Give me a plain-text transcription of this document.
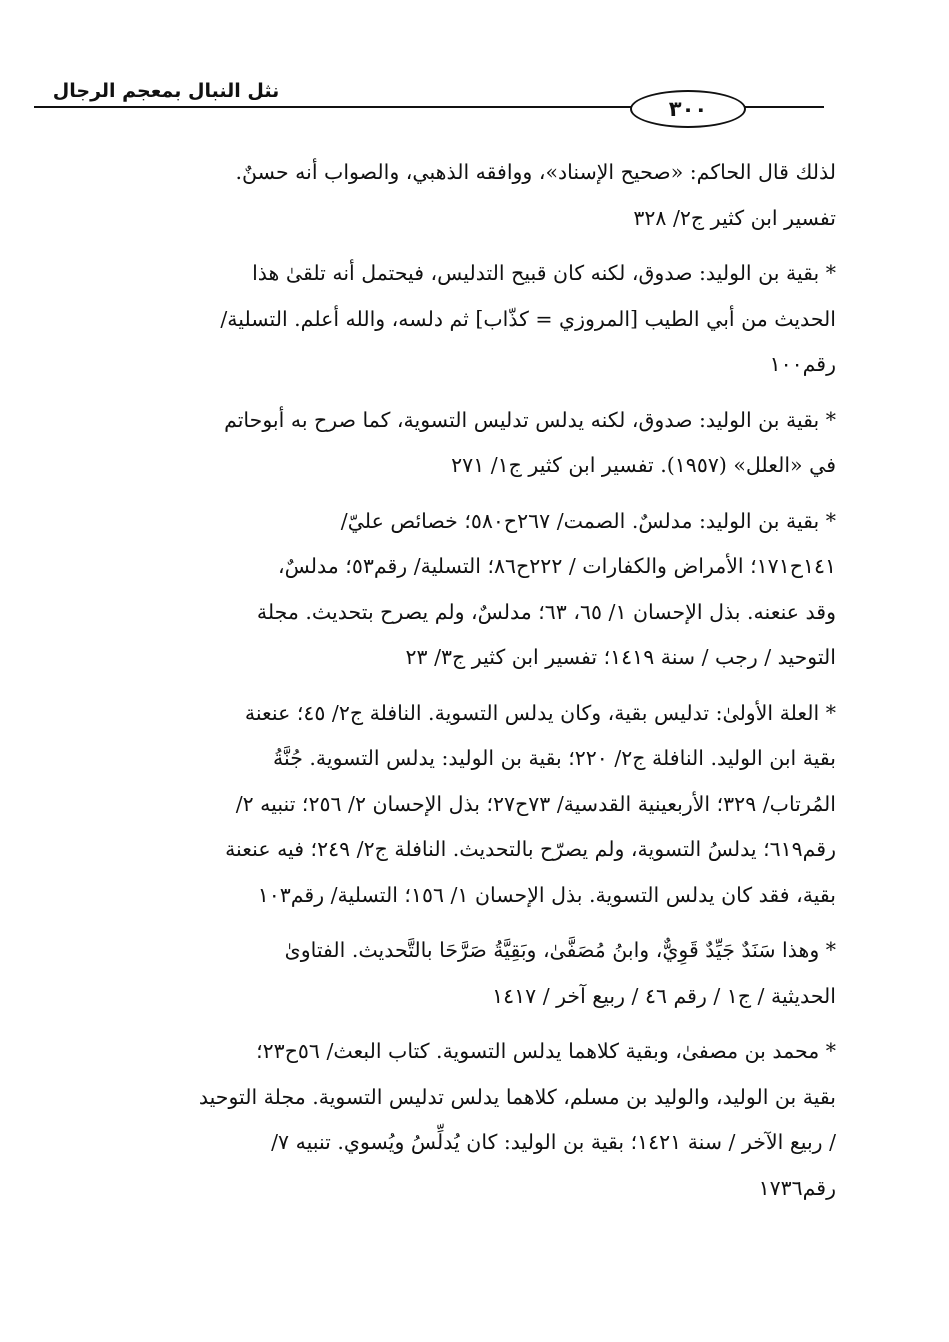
نثل النبال بمعجم الرجال
٣٠٠
لذلك قال الحاكم: «صحيح الإسناد»، ووافقه الذهبي، والصواب أنه حسنٌ.
تفسير ابن كثير ج٢/ ٣٢٨
* بقية بن الوليد: صدوق، لكنه كان قبيح التدليس، فيحتمل أنه تلقىٰ هذا
الحديث من أبي الطيب [المروزي = كذّاب] ثم دلسه، والله أعلم. التسلية/
رقم١٠٠
* بقية بن الوليد: صدوق، لكنه يدلس تدليس التسوية، كما صرح به أبوحاتم
في «العلل» (١٩٥٧). تفسير ابن كثير ج١/ ٢٧١
* بقية بن الوليد: مدلسٌ. الصمت/ ٢٦٧ح٥٨٠؛ خصائص عليّ/
١٤١ح١٧١؛ الأمراض والكفارات / ٢٢٢ح٨٦؛ التسلية/ رقم٥٣؛ مدلسٌ،
وقد عنعنه. بذل الإحسان ١/ ٦٥، ٦٣؛ مدلسٌ، ولم يصرح بتحديث. مجلة
التوحيد / رجب / سنة ١٤١٩؛ تفسير ابن كثير ج٣/ ٢٣
* العلة الأولىٰ: تدليس بقية، وكان يدلس التسوية. النافلة ج٢/ ٤٥؛ عنعنة
بقية ابن الوليد. النافلة ج٢/ ٢٢٠؛ بقية بن الوليد: يدلس التسوية. جُنَّةُ
المُرتاب/ ٣٢٩؛ الأربعينية القدسية/ ٧٣ح٢٧؛ بذل الإحسان ٢/ ٢٥٦؛ تنبيه ٢/
رقم٦١٩؛ يدلسُ التسوية، ولم يصرّح بالتحديث. النافلة ج٢/ ٢٤٩؛ فيه عنعنة
بقية، فقد كان يدلس التسوية. بذل الإحسان ١/ ١٥٦؛ التسلية/ رقم١٠٣
* وهذا سَنَدٌ جَيِّدٌ قَوِيٌّ، وابنُ مُصَفَّىٰ، وبَقِيَّةُ صَرَّحَا بالتَّحديث. الفتاوىٰ
الحديثية / ج١ / رقم ٤٦ / ربيع آخر / ١٤١٧
* محمد بن مصفىٰ، وبقية كلاهما يدلس التسوية. كتاب البعث/ ٥٦ح٢٣؛
بقية بن الوليد، والوليد بن مسلم، كلاهما يدلس تدليس التسوية. مجلة التوحيد
/ ربيع الآخر / سنة ١٤٢١؛ بقية بن الوليد: كان يُدلِّسُ ويُسوي. تنبيه ٧/
رقم١٧٣٦
